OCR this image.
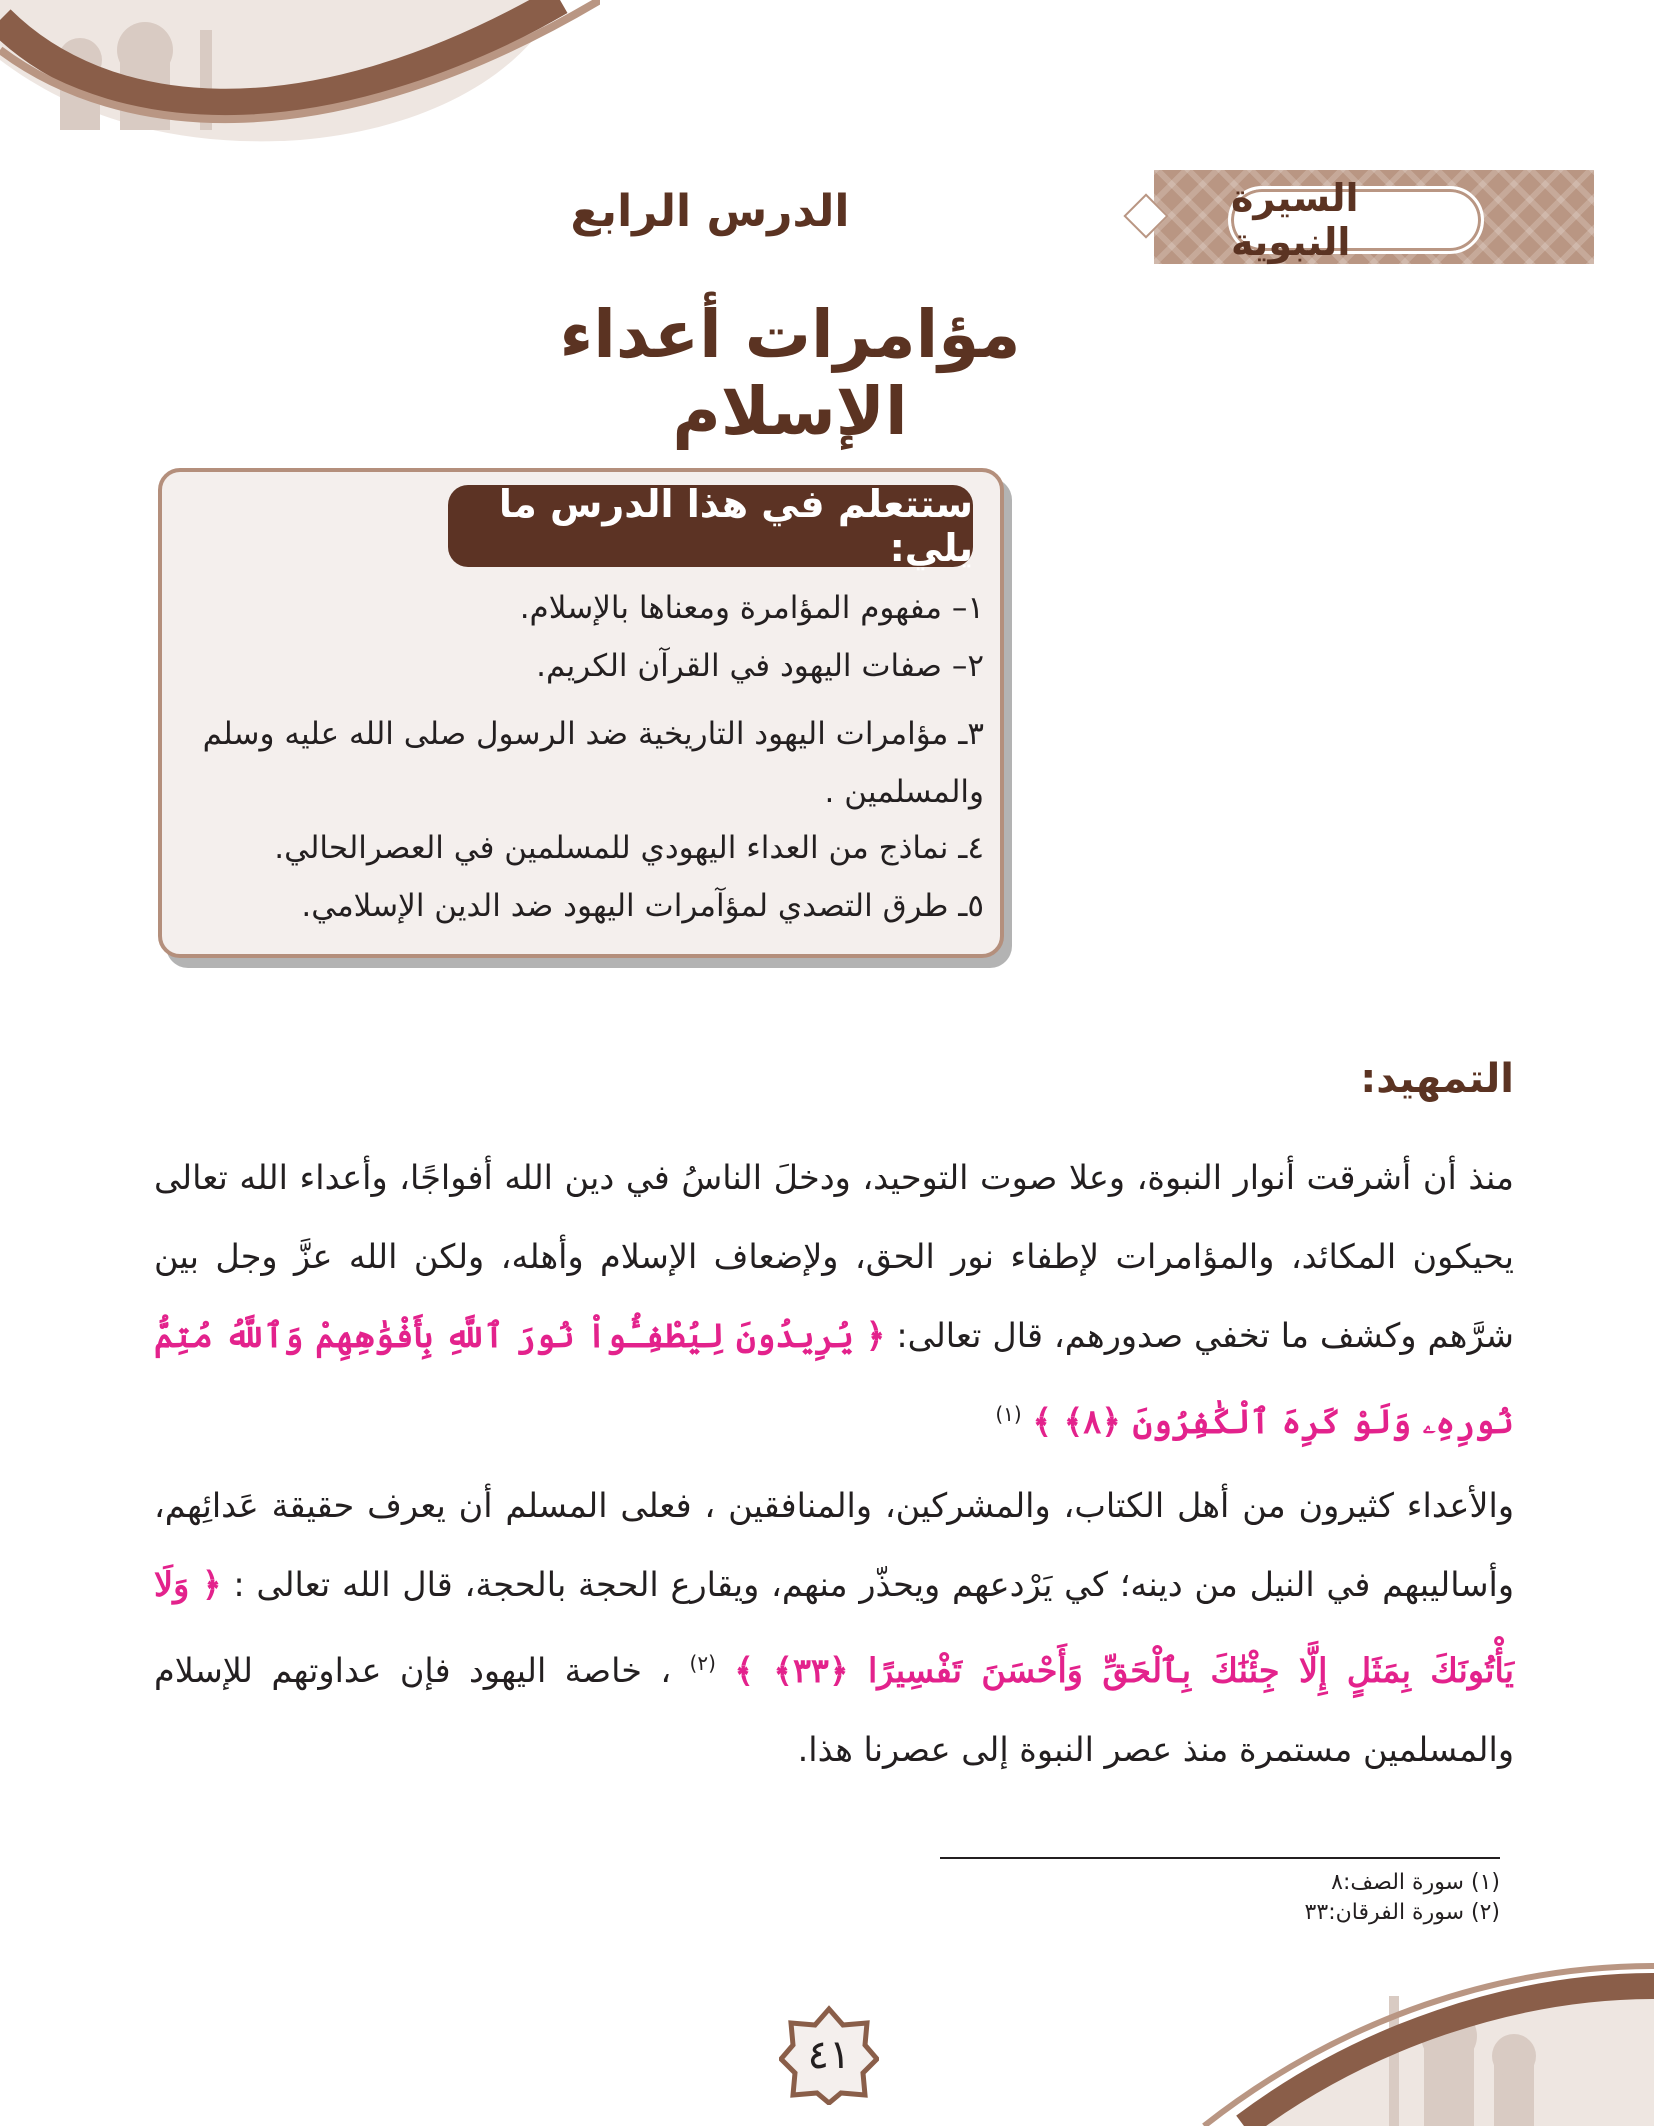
السيرة النبوية
الدرس الرابع
مؤامرات أعداء الإسلام
ستتعلم في هذا الدرس ما يلي:
١– مفهوم المؤامرة ومعناها بالإسلام.
٢– صفات اليهود في القرآن الكريم.
٣ـ مؤامرات اليهود التاريخية ضد الرسول صلى الله عليه وسلم والمسلمين .
٤ـ نماذج من العداء اليهودي للمسلمين في العصرالحالي.
٥ـ طرق التصدي لمؤآمرات اليهود ضد الدين الإسلامي.
التمهيد:
منذ أن أشرقت أنوار النبوة، وعلا صوت التوحيد، ودخلَ الناسُ في دين الله أفواجًا، وأعداء الله تعالى يحيكون المكائد، والمؤامرات لإطفاء نور الحق، ولإضعاف الإسلام وأهله، ولكن الله عزَّ وجل بين شرَّهم وكشف ما تخفي صدورهم، قال تعالى: ﴿ يُرِيدُونَ لِيُطْفِـُٔواْ نُورَ ٱللَّهِ بِأَفْوَٰهِهِمْ وَٱللَّهُ مُتِمُّ نُورِهِۦ وَلَوْ كَرِهَ ٱلْكَٰفِرُونَ ﴿٨﴾ ﴾ $^{(١)}$
والأعداء كثيرون من أهل الكتاب، والمشركين، والمنافقين ، فعلى المسلم أن يعرف حقيقة عَدائِهم، وأساليبهم في النيل من دينه؛ كي يَرْدعهم ويحذّر منهم، ويقارع الحجة بالحجة، قال الله تعالى : ﴿ وَلَا يَأْتُونَكَ بِمَثَلٍ إِلَّا جِئْنَٰكَ بِٱلْحَقِّ وَأَحْسَنَ تَفْسِيرًا ﴿٣٣﴾ ﴾ $^{(٢)}$ ، خاصة اليهود فإن عداوتهم للإسلام والمسلمين مستمرة منذ عصر النبوة إلى عصرنا هذا.
(١) سورة الصف:٨
(٢) سورة الفرقان:٣٣
٤١
